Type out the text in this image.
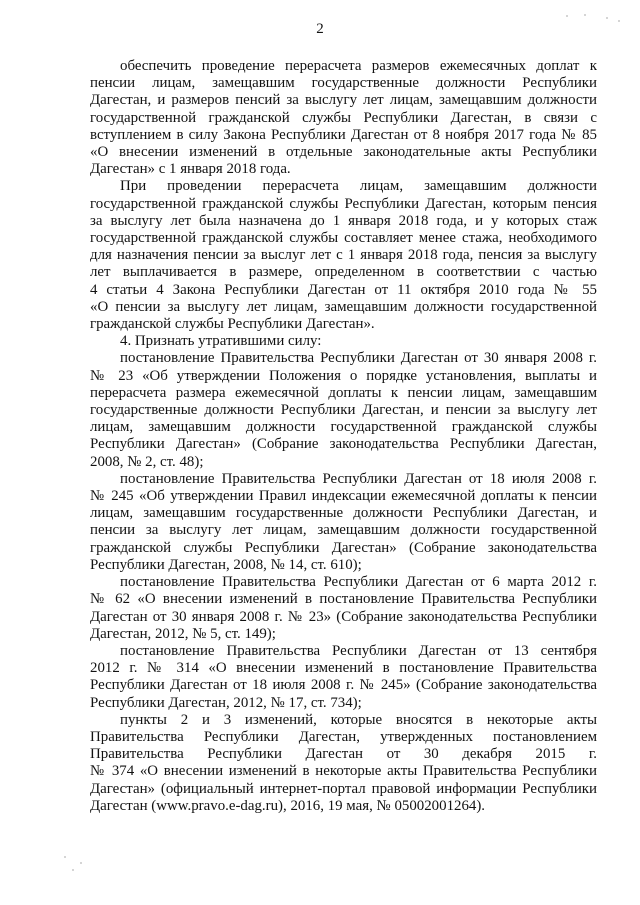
2
обеспечить проведение перерасчета размеров ежемесячных доплат к
пенсии лицам, замещавшим государственные должности Республики
Дагестан, и размеров пенсий за выслугу лет лицам, замещавшим должности
государственной гражданской службы Республики Дагестан, в связи с
вступлением в силу Закона Республики Дагестан от 8 ноября 2017 года № 85
«О внесении изменений в отдельные законодательные акты Республики
Дагестан» с 1 января 2018 года.
При проведении перерасчета лицам, замещавшим должности
государственной гражданской службы Республики Дагестан, которым пенсия
за выслугу лет была назначена до 1 января 2018 года, и у которых стаж
государственной гражданской службы составляет менее стажа, необходимого
для назначения пенсии за выслуг лет с 1 января 2018 года, пенсия за выслугу
лет выплачивается в размере, определенном в соответствии с частью
4 статьи 4 Закона Республики Дагестан от 11 октября 2010 года № 55
«О пенсии за выслугу лет лицам, замещавшим должности государственной
гражданской службы Республики Дагестан».
4. Признать утратившими силу:
постановление Правительства Республики Дагестан от 30 января 2008 г.
№ 23 «Об утверждении Положения о порядке установления, выплаты и
перерасчета размера ежемесячной доплаты к пенсии лицам, замещавшим
государственные должности Республики Дагестан, и пенсии за выслугу лет
лицам, замещавшим должности государственной гражданской службы
Республики Дагестан» (Собрание законодательства Республики Дагестан,
2008, № 2, ст. 48);
постановление Правительства Республики Дагестан от 18 июля 2008 г.
№ 245 «Об утверждении Правил индексации ежемесячной доплаты к пенсии
лицам, замещавшим государственные должности Республики Дагестан, и
пенсии за выслугу лет лицам, замещавшим должности государственной
гражданской службы Республики Дагестан» (Собрание законодательства
Республики Дагестан, 2008, № 14, ст. 610);
постановление Правительства Республики Дагестан от 6 марта 2012 г.
№ 62 «О внесении изменений в постановление Правительства Республики
Дагестан от 30 января 2008 г. № 23» (Собрание законодательства Республики
Дагестан, 2012, № 5, ст. 149);
постановление Правительства Республики Дагестан от 13 сентября
2012 г. № 314 «О внесении изменений в постановление Правительства
Республики Дагестан от 18 июля 2008 г. № 245» (Собрание законодательства
Республики Дагестан, 2012, № 17, ст. 734);
пункты 2 и 3 изменений, которые вносятся в некоторые акты
Правительства Республики Дагестан, утвержденных постановлением
Правительства Республики Дагестан от 30 декабря 2015 г.
№ 374 «О внесении изменений в некоторые акты Правительства Республики
Дагестан» (официальный интернет-портал правовой информации Республики
Дагестан (www.pravo.e-dag.ru), 2016, 19 мая, № 05002001264).
